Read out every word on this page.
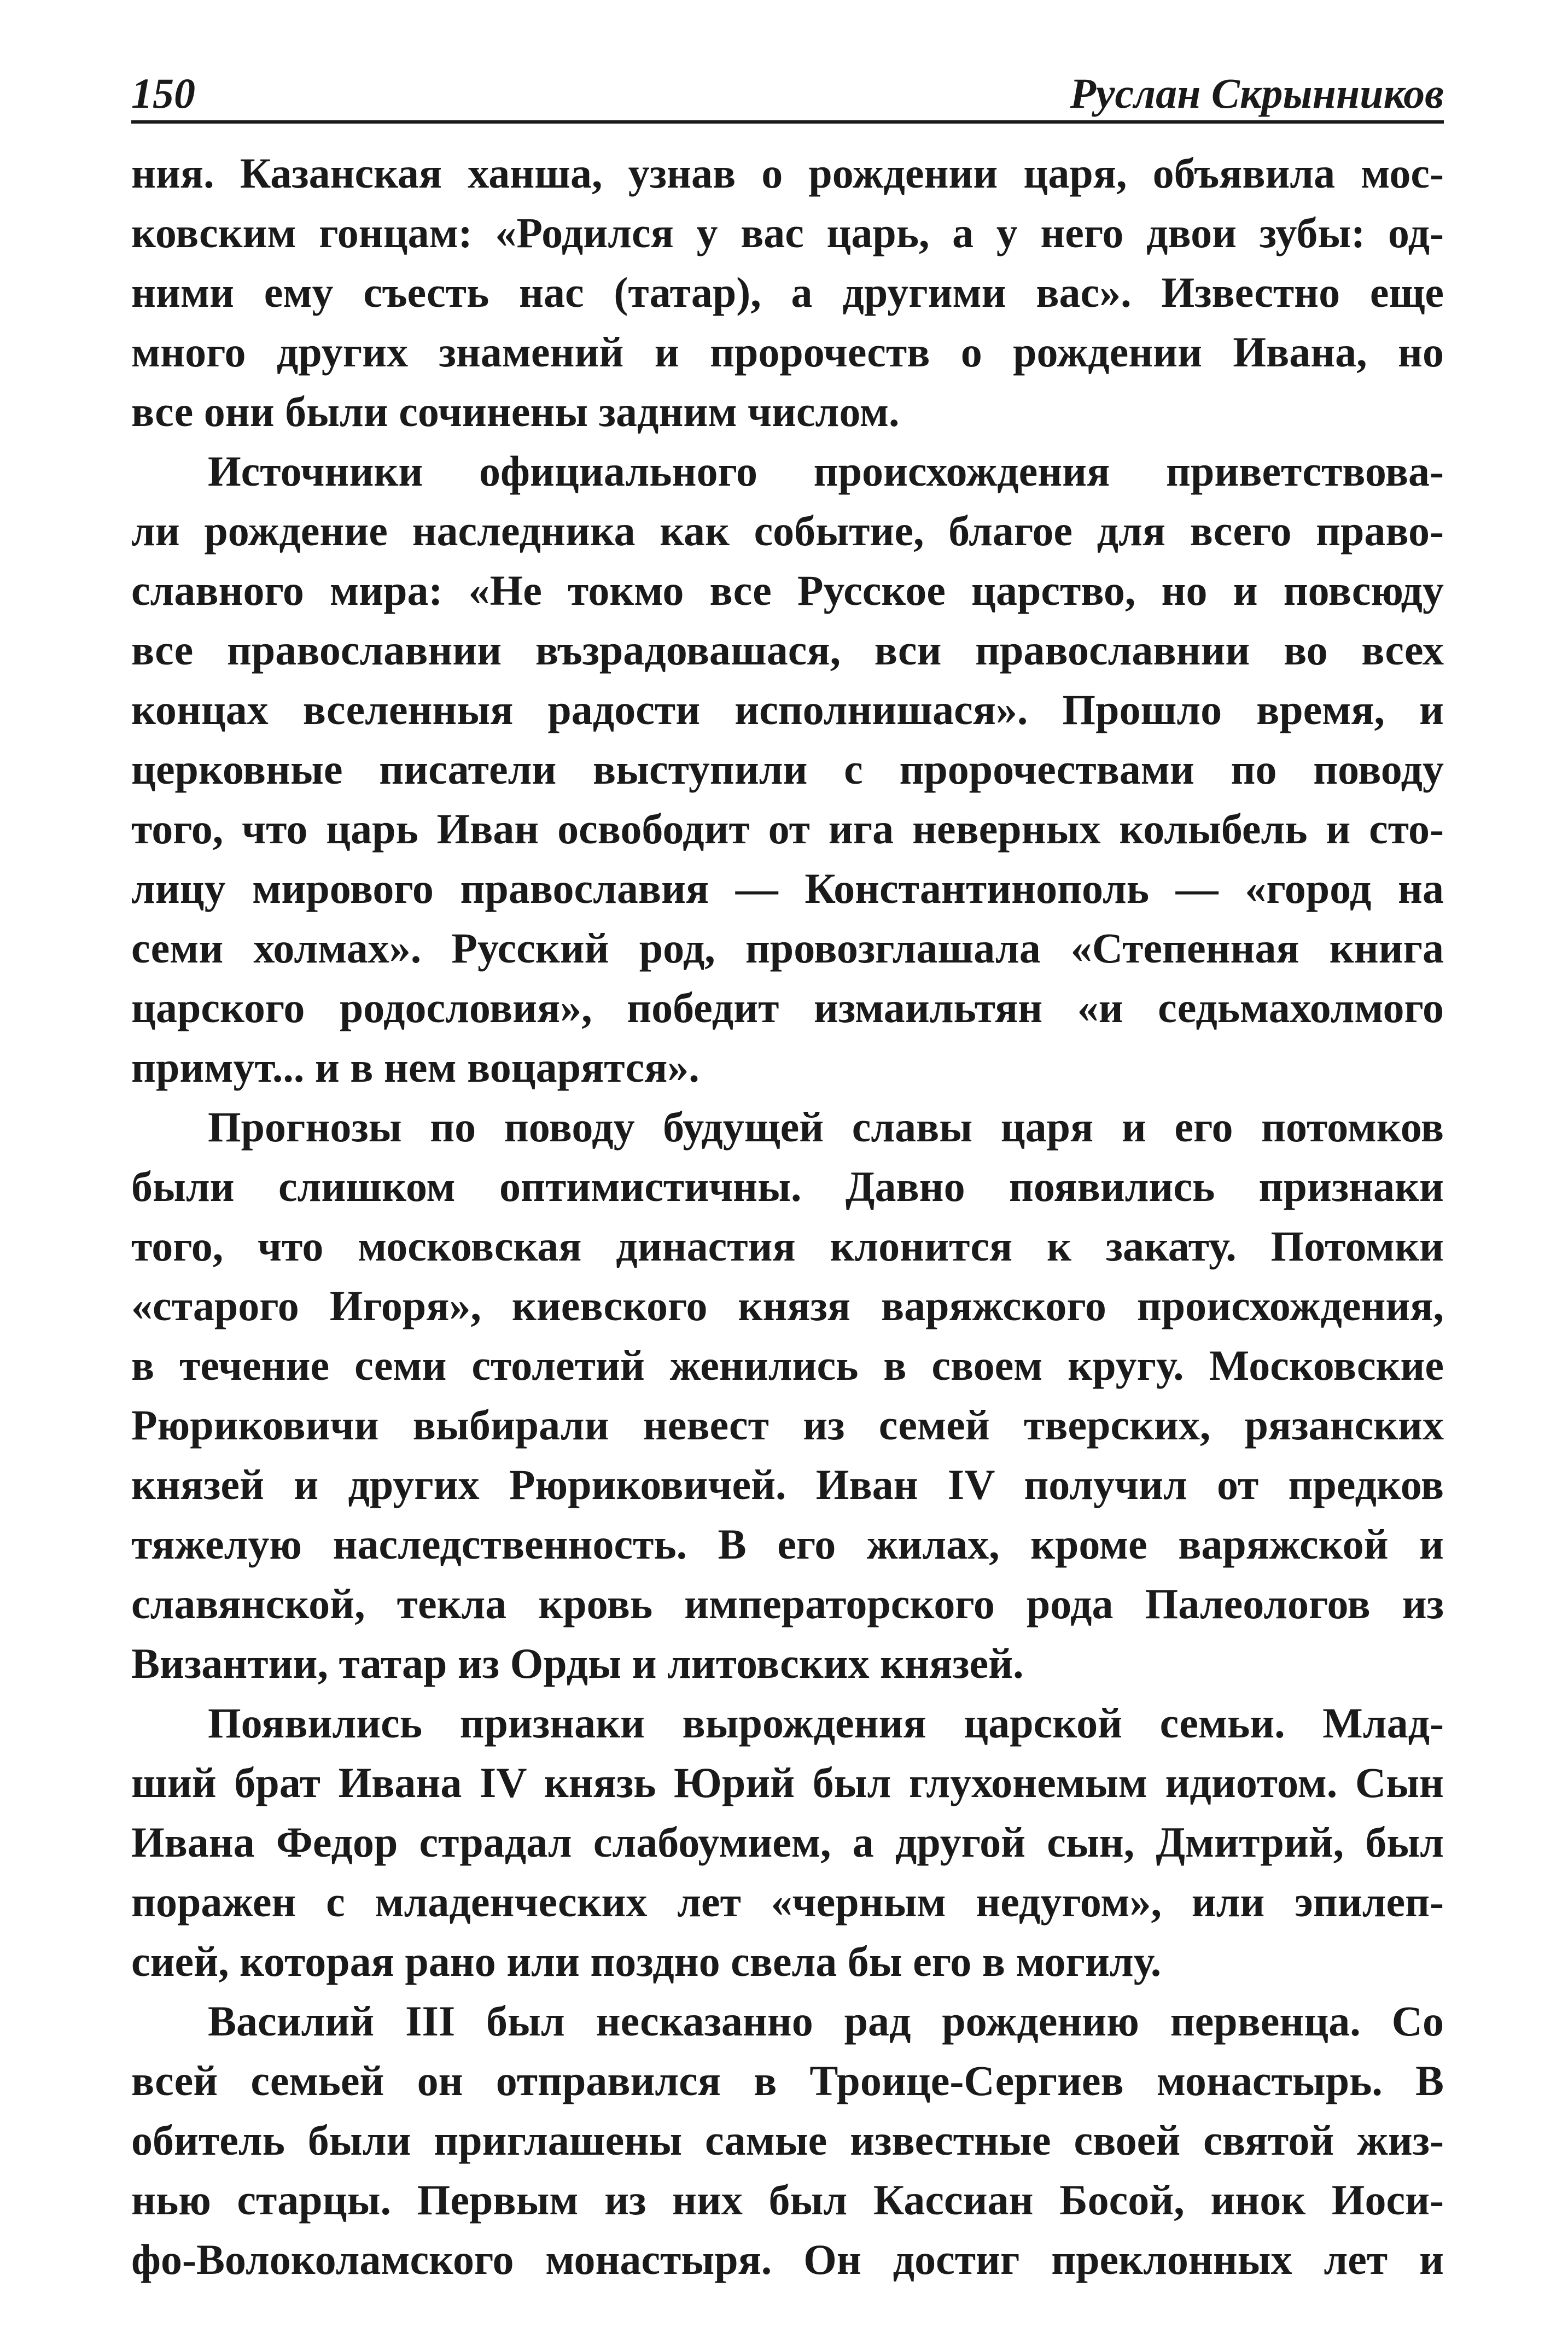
150	Руслан Скрынников

ния. Казанская ханша, узнав о рождении царя, объявила мос-
ковским гонцам: «Родился у вас царь, а у него двои зубы: од-
ними ему съесть нас (татар), а другими вас». Известно еще
много других знамений и пророчеств о рождении Ивана, но
все они были сочинены задним числом.

Источники официального происхождения приветствова-
ли рождение наследника как событие, благое для всего право-
славного мира: «Не токмо все Русское царство, но и повсюду
все православнии възрадовашася, вси православнии во всех
концах вселенныя радости исполнишася». Прошло время, и
церковные писатели выступили с пророчествами по поводу
того, что царь Иван освободит от ига неверных колыбель и сто-
лицу мирового православия — Константинополь — «город на
семи холмах». Русский род, провозглашала «Степенная книга
царского родословия», победит измаильтян «и седьмахолмого
примут... и в нем воцарятся».

Прогнозы по поводу будущей славы царя и его потомков
были слишком оптимистичны. Давно появились признаки
того, что московская династия клонится к закату. Потомки
«старого Игоря», киевского князя варяжского происхождения,
в течение семи столетий женились в своем кругу. Московские
Рюриковичи выбирали невест из семей тверских, рязанских
князей и других Рюриковичей. Иван IV получил от предков
тяжелую наследственность. В его жилах, кроме варяжской и
славянской, текла кровь императорского рода Палеологов из
Византии, татар из Орды и литовских князей.

Появились признаки вырождения царской семьи. Млад-
ший брат Ивана IV князь Юрий был глухонемым идиотом. Сын
Ивана Федор страдал слабоумием, а другой сын, Дмитрий, был
поражен с младенческих лет «черным недугом», или эпилеп-
сией, которая рано или поздно свела бы его в могилу.

Василий III был несказанно рад рождению первенца. Со
всей семьей он отправился в Троице-Сергиев монастырь. В
обитель были приглашены самые известные своей святой жиз-
нью старцы. Первым из них был Кассиан Босой, инок Иоси-
фо-Волоколамского монастыря. Он достиг преклонных лет и
